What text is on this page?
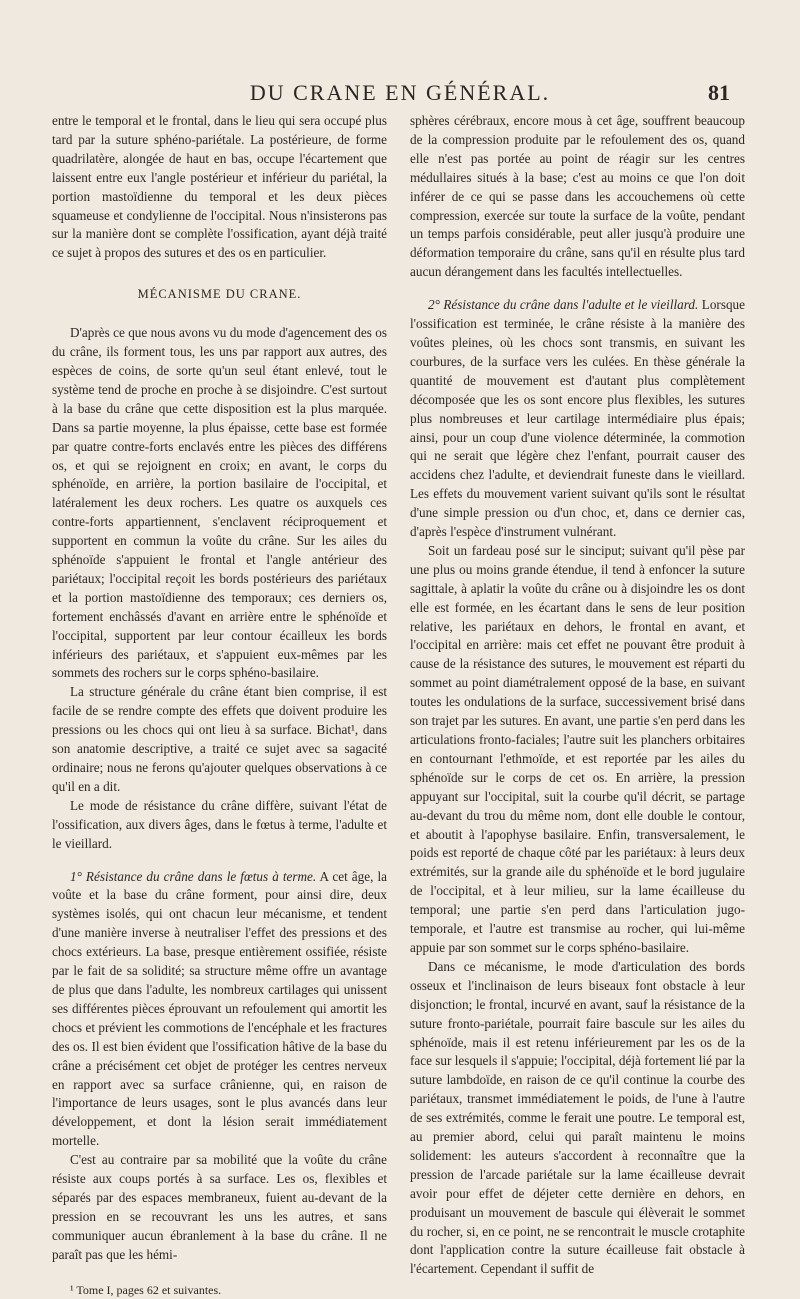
DU CRANE EN GÉNÉRAL.	81

entre le temporal et le frontal, dans le lieu qui sera occupé plus tard par la suture sphéno-pariétale. La postérieure, de forme quadrilatère, alongée de haut en bas, occupe l'écartement que laissent entre eux l'angle postérieur et inférieur du pariétal, la portion mastoïdienne du temporal et les deux pièces squameuse et condylienne de l'occipital. Nous n'insisterons pas sur la manière dont se complète l'ossification, ayant déjà traité ce sujet à propos des sutures et des os en particulier.

MÉCANISME DU CRANE.

D'après ce que nous avons vu du mode d'agencement des os du crâne, ils forment tous, les uns par rapport aux autres, des espèces de coins, de sorte qu'un seul étant enlevé, tout le système tend de proche en proche à se disjoindre. C'est surtout à la base du crâne que cette disposition est la plus marquée. Dans sa partie moyenne, la plus épaisse, cette base est formée par quatre contre-forts enclavés entre les pièces des différens os, et qui se rejoignent en croix; en avant, le corps du sphénoïde, en arrière, la portion basilaire de l'occipital, et latéralement les deux rochers. Les quatre os auxquels ces contre-forts appartiennent, s'enclavent réciproquement et supportent en commun la voûte du crâne. Sur les ailes du sphénoïde s'appuient le frontal et l'angle antérieur des pariétaux; l'occipital reçoit les bords postérieurs des pariétaux et la portion mastoïdienne des temporaux; ces derniers os, fortement enchâssés d'avant en arrière entre le sphénoïde et l'occipital, supportent par leur contour écailleux les bords inférieurs des pariétaux, et s'appuient eux-mêmes par les sommets des rochers sur le corps sphéno-basilaire.

La structure générale du crâne étant bien comprise, il est facile de se rendre compte des effets que doivent produire les pressions ou les chocs qui ont lieu à sa surface. Bichat¹, dans son anatomie descriptive, a traité ce sujet avec sa sagacité ordinaire; nous ne ferons qu'ajouter quelques observations à ce qu'il en a dit.

Le mode de résistance du crâne diffère, suivant l'état de l'ossification, aux divers âges, dans le fœtus à terme, l'adulte et le vieillard.

1° Résistance du crâne dans le fœtus à terme. A cet âge, la voûte et la base du crâne forment, pour ainsi dire, deux systèmes isolés, qui ont chacun leur mécanisme, et tendent d'une manière inverse à neutraliser l'effet des pressions et des chocs extérieurs. La base, presque entièrement ossifiée, résiste par le fait de sa solidité; sa structure même offre un avantage de plus que dans l'adulte, les nombreux cartilages qui unissent ses différentes pièces éprouvant un refoulement qui amortit les chocs et prévient les commotions de l'encéphale et les fractures des os. Il est bien évident que l'ossification hâtive de la base du crâne a précisément cet objet de protéger les centres nerveux en rapport avec sa surface crânienne, qui, en raison de l'importance de leurs usages, sont le plus avancés dans leur développement, et dont la lésion serait immédiatement mortelle.

C'est au contraire par sa mobilité que la voûte du crâne résiste aux coups portés à sa surface. Les os, flexibles et séparés par des espaces membraneux, fuient au-devant de la pression en se recouvrant les uns les autres, et sans communiquer aucun ébranlement à la base du crâne. Il ne paraît pas que les hémi-

¹ Tome I, pages 62 et suivantes.

sphères cérébraux, encore mous à cet âge, souffrent beaucoup de la compression produite par le refoulement des os, quand elle n'est pas portée au point de réagir sur les centres médullaires situés à la base; c'est au moins ce que l'on doit inférer de ce qui se passe dans les accouchemens où cette compression, exercée sur toute la surface de la voûte, pendant un temps parfois considérable, peut aller jusqu'à produire une déformation temporaire du crâne, sans qu'il en résulte plus tard aucun dérangement dans les facultés intellectuelles.

2° Résistance du crâne dans l'adulte et le vieillard. Lorsque l'ossification est terminée, le crâne résiste à la manière des voûtes pleines, où les chocs sont transmis, en suivant les courbures, de la surface vers les culées. En thèse générale la quantité de mouvement est d'autant plus complètement décomposée que les os sont encore plus flexibles, les sutures plus nombreuses et leur cartilage intermédiaire plus épais; ainsi, pour un coup d'une violence déterminée, la commotion qui ne serait que légère chez l'enfant, pourrait causer des accidens chez l'adulte, et deviendrait funeste dans le vieillard. Les effets du mouvement varient suivant qu'ils sont le résultat d'une simple pression ou d'un choc, et, dans ce dernier cas, d'après l'espèce d'instrument vulnérant.

Soit un fardeau posé sur le sinciput; suivant qu'il pèse par une plus ou moins grande étendue, il tend à enfoncer la suture sagittale, à aplatir la voûte du crâne ou à disjoindre les os dont elle est formée, en les écartant dans le sens de leur position relative, les pariétaux en dehors, le frontal en avant, et l'occipital en arrière: mais cet effet ne pouvant être produit à cause de la résistance des sutures, le mouvement est réparti du sommet au point diamétralement opposé de la base, en suivant toutes les ondulations de la surface, successivement brisé dans son trajet par les sutures. En avant, une partie s'en perd dans les articulations fronto-faciales; l'autre suit les planchers orbitaires en contournant l'ethmoïde, et est reportée par les ailes du sphénoïde sur le corps de cet os. En arrière, la pression appuyant sur l'occipital, suit la courbe qu'il décrit, se partage au-devant du trou du même nom, dont elle double le contour, et aboutit à l'apophyse basilaire. Enfin, transversalement, le poids est reporté de chaque côté par les pariétaux: à leurs deux extrémités, sur la grande aile du sphénoïde et le bord jugulaire de l'occipital, et à leur milieu, sur la lame écailleuse du temporal; une partie s'en perd dans l'articulation jugo-temporale, et l'autre est transmise au rocher, qui lui-même appuie par son sommet sur le corps sphéno-basilaire.

Dans ce mécanisme, le mode d'articulation des bords osseux et l'inclinaison de leurs biseaux font obstacle à leur disjonction; le frontal, incurvé en avant, sauf la résistance de la suture fronto-pariétale, pourrait faire bascule sur les ailes du sphénoïde, mais il est retenu inférieurement par les os de la face sur lesquels il s'appuie; l'occipital, déjà fortement lié par la suture lambdoïde, en raison de ce qu'il continue la courbe des pariétaux, transmet immédiatement le poids, de l'une à l'autre de ses extrémités, comme le ferait une poutre. Le temporal est, au premier abord, celui qui paraît maintenu le moins solidement: les auteurs s'accordent à reconnaître que la pression de l'arcade pariétale sur la lame écailleuse devrait avoir pour effet de déjeter cette dernière en dehors, en produisant un mouvement de bascule qui élèverait le sommet du rocher, si, en ce point, ne se rencontrait le muscle crotaphite dont l'application contre la suture écailleuse fait obstacle à l'écartement. Cependant il suffit de
